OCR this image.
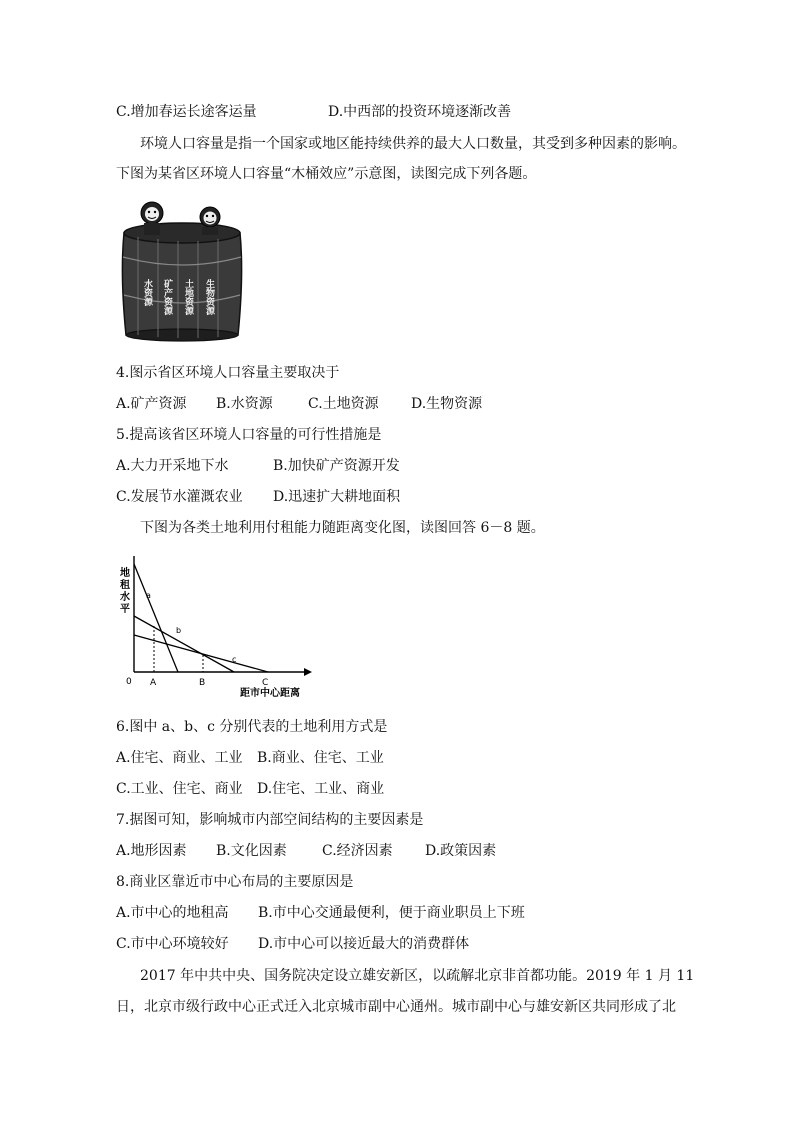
C.增加春运长途客运量	D.中西部的投资环境逐渐改善
环境人口容量是指一个国家或地区能持续供养的最大人口数量，其受到多种因素的影响。
下图为某省区环境人口容量“木桶效应”示意图，读图完成下列各题。
水资源 矿产资源 土地资源 生物资源
4.图示省区环境人口容量主要取决于
A.矿产资源 B.水资源	C.土地资源 D.生物资源
5.提高该省区环境人口容量的可行性措施是
A.大力开采地下水	B.加快矿产资源开发
C.发展节水灌溉农业 D.迅速扩大耕地面积
下图为各类土地利用付租能力随距离变化图，读图回答 6－8 题。
地
租
水
平
a
b
c
0 A	B	C
距市中心距离
6.图中 a、b、c 分别代表的土地利用方式是
A.住宅、商业、工业 B.商业、住宅、工业
C.工业、住宅、商业 D.住宅、工业、商业
7.据图可知，影响城市内部空间结构的主要因素是
A.地形因素 B.文化因素	C.经济因素 D.政策因素
8.商业区靠近市中心布局的主要原因是
A.市中心的地租高 B.市中心交通最便利，便于商业职员上下班
C.市中心环境较好 D.市中心可以接近最大的消费群体
2017 年中共中央、国务院决定设立雄安新区，以疏解北京非首都功能。2019 年 1 月 11
日，北京市级行政中心正式迁入北京城市副中心通州。城市副中心与雄安新区共同形成了北
